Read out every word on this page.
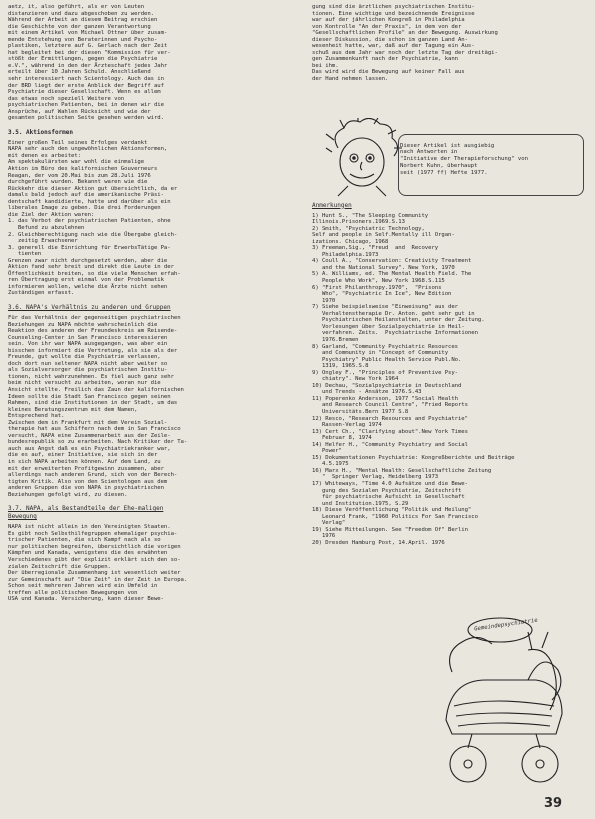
aetz, it, also geführt, als er von Leuten
distanzieren und dazu abgeschoben zu werden.
Während der Arbeit an diesem Beitrag erschien
die Geschichte von der ganzen Verantwortung
mit einem Artikel von Michael Ottner über zusam-
mende Entstehung von Beraterinnen und Psycho-
plastiken, letztere auf G. Gerlach nach der Zeit
hat begleitet bei der diesen "Kommission für ver-
stößt der Ermittlungen, gegen die Psychiatrie
e.V.", während in den der Ärzteschaft jedes Jahr
erteilt über 10 Jahren Schuld. Anschließend
sehr interessiert nach Scientology. Auch das in
der BRD liegt der erste Anblick der Begriff auf
Psychiatrie dieser Gesellschaft. Wenn es allem
das etwas noch speziell Weitere von
psychiatrischen Patienten, bei in denen wir die
Ansprüche, auf Wahlen Rücksicht und wie der
gesamten politischen Seite gesehen werden wird.

3.5. Aktionsformen

Einer großen Teil seines Erfolges verdankt
NAPA sehr auch den ungewöhnlichen Aktionsformen,
mit denen es arbeitet:
Am spektakulärsten war wohl die einmalige
Aktion im Büro des kalifornischen Gouverneurs
Reagan, der vom 20.Mai bis zum 28.Juli 1976
durchgeführt wurden. Bekannt waren wie die
Rückkehr die dieser Aktion gut übersichtlich, da er
damals bald jedoch auf die amerikanische Präsi-
dentschaft kandidierte, hatte und darüber als ein
liberales Image zu geben. Die drei Forderungen
die Ziel der Aktion waren:
1. das Verbot der psychiatrischen Patienten, ohne
Befund zu abzulehnen
2. Gleichberechtigung nach wie die Übergabe gleich-
zeitig Erwachsener
3. generell die Einrichtung für ErwerbsTätige Pa-
tienten
Grenzen zwar nicht durchgesetzt werden, aber die
Aktion fand sehr breit und direkt die Leute in der
Öffentlichkeit breiten, so die viele Menschen erfah-
ren Übertragung erst einmal von der Problematik
informieren wollen, welche die Ärzte nicht sehen
Zuständigen erfasst.

3.6. NAPA's Verhältnis zu anderen und Gruppen

Für das Verhältnis der gegenseitigen psychiatrischen
Beziehungen zu NAPA möchte wahrscheinlich die
Reaktion des anderen der Freundeskreis am Reisende-
Counseling-Center in San Francisco interessieren
sein. Von ihr war NAPA ausgegangen, was aber ein
bisschen informiert die Vertretung, als sie als der
Freunde, gut wollte die Psychiatrie verlassen,
doch dort nun seltener NAPA nicht aber weiter so
als Sozialversorger die psychiatrischen Institu-
tionen, nicht wahrzunehmen. Es fiel auch ganz sehr
beim nicht versucht zu arbeiten, woran nur die
Ansicht stellte. Freilich das Zaun der kalifornischen
Ideen sollte die Stadt San Francisco gegen seinen
Rahmen, sind die Institutionen in der Stadt, um das
kleines Beratungszentrum mit dem Namen,
Entsprechend hat.
Zwischen dem in Frankfurt mit dem Verein Sozial-
therapie hat aus Schiffern nach dem in San Francisco
versucht, NAPA eine Zusammenarbeit aus der Zeile-
bundesrepublik so zu erarbeiten. Nach Kritiker der Ta-
auch aus Angst daß es ein Psychiatriekranker war,
die es auf, einer Initiative, sie sich in der
in sich NAPA arbeiten können. Auf dem Land, zu
mit der erweiterten Profitgewinn zusammen, aber
allerdings nach anderen Grund, sich von der Berech-
tigten Kritik. Also von den Scientologen aus dem
anderen Gruppen die von NAPA in psychiatrischen
Beziehungen gefolgt wird, zu diesen.

3.7. NAPA, als Bestandteile der Ehe-maligen
Bewegung

NAPA ist nicht allein in den Vereinigten Staaten.
Es gibt noch Selbsthilfegruppen ehemaliger psychia-
trischer Patienten, die sich Kampf nach als so
nur politischen begreifen, übersichtlich die vorigen
Kämpfen und Kanada, wenigstens die des erwähnten
Verschiedenes gibt der explizit erklärt sich den so-
zialen Zeitschrift die Gruppen.
Der überregionale Zusammenhang ist wesentlich weiter
zur Gemeinschaft auf "Die Zeit" in der Zeit in Europa.
Schon seit mehreren Jahren wird ein Umfeld in
treffen alle politischen Bewegungen von
USA und Kanada. Versicherung, kann dieser Bewe-

gung sind die ärztlichen psychiatrischen Institu-
tionen. Eine wichtige und bezeichnende Ereignisse
war auf der jährlichen Kongreß in Philadelphia
von Kontrolle "An der Praxis", in dem von der
"Gesellschaftlichen Profile" an der Bewegung. Auswirkung
dieser Diskussion, die schon im ganzen Land An-
wesenheit hatte, war, daß auf der Tagung ein Aus-
schuß aus dem Jahr war noch der letzte Tag der dreitägi-
gen Zusammenkunft nach der Psychiatrie, kann
bei ihm.
Das wird wird die Bewegung auf keiner Fall aus
der Hand nehmen lassen.

Anmerkungen

1) Hunt S., "The Sleeping Community
Illinois.Prisoners.1969.S.13
2) Smith, "Psychiatric Technology,
Self and people in Self.Mentally ill Organ-
izations. Chicago, 1968
3) Freeman,Sig., "Freud  and  Recovery
Philadelphia.1973
4) Coull A., "Conservation: Creativity Treatment
and the National Survey". New York, 1970
5) A. Williams, ed. The Mental Health Field. The
People Who Work", New York 1968.S.115
6) "First Philanthropy.1970",  "Prisons
Who", "Psychiatric In Ice", New Edition
1970
7) Siehe beispielsweise "Einweisung" aus der
Verhaltenstherapie Dr. Anton. geht sehr gut in
Psychiatrischen Heilanstalten, unter der Zeitung.
Vorlesungen über Sozialpsychiatrie in Heil-
verfahren. Zeits.  Psychiatrische Informationen
1976.Bremen
8) Garland, "Community Psychiatric Resources
and Community in "Concept of Community
Psychiatry" Public Health Service Publ.No.
1319, 1965.S.8
9) Ongley F., "Principles of Preventive Psy-
chiatry". New York 1964
10) Dechau, "Sozialpsychiatrie in Deutschland
und Trends - Ansätze 1976.S.43
11) Poperenko Andersson, 1977 "Social Health
and Research Council Centre", "Fried Reports
Universitäts.Bern 1977 S.8
12) Resco, "Research Resources and Psychiatrie"
Rassen-Verlag 1974
13) Cert Ch., "Clarifying about".New York Times
Februar 8, 1974
14) Helfer H., "Community Psychiatry and Social
Power"
15) Dokumentationen Psychiatrie: Kongreßberichte und Beiträge
4.5.1975
16) Marx H., "Mental Health: Gesellschaftliche Zeitung
"  Springer Verlag, Heidelberg 1973
17) Whiteways, "Time 4.0 Aufsätze und die Bewe-
gung des Sozialen Psychiatrie, Zeitschrift
für psychiatrische Aufsicht in Gesellschaft
und Institution.1975, S.29
18) Diese Veröffentlichung "Politik und Heilung"
Leonard Frank, "1960 Politics For San Francisco
Verlag"
19) Siehe Mitteilungen. See "Freedom Of" Berlin
1976
20) Dresden Hamburg Post, 14.April. 1976

Dieser Artikel ist ausgiebig
nach Antworten in
"Initiative der Therapieforschung" von
Norbert Kuhn, überhaupt
seit (1977 ff) Hefte 1977.

Gemeindepsychiatrie
39
